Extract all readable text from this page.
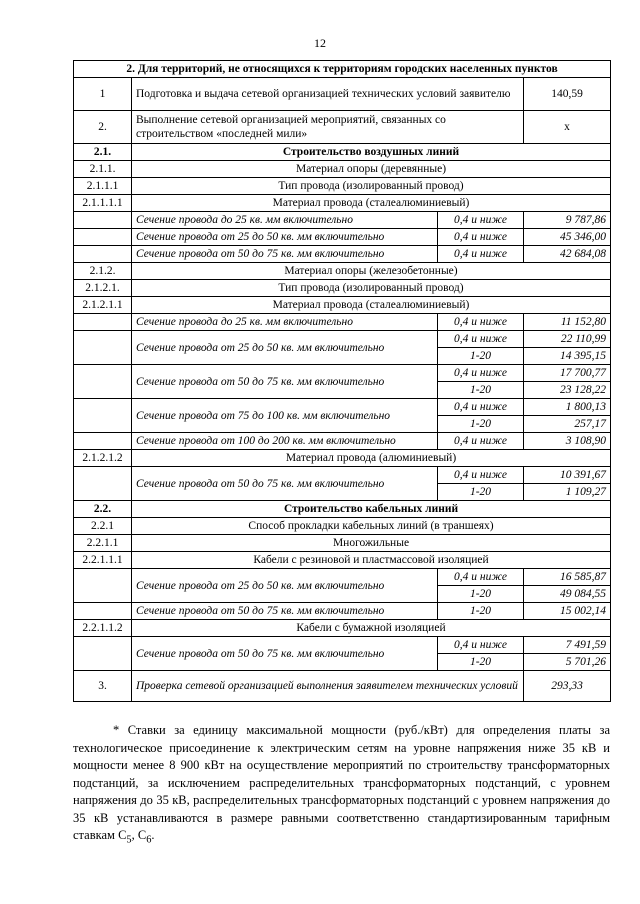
12
2. Для территорий, не относящихся к территориям городских населенных пунктов			
1	Подготовка и выдача сетевой организацией технических условий заявителю		140,59
2.	Выполнение сетевой организацией мероприятий, связанных со строительством «последней мили»		х
2.1.	Строительство воздушных линий		
2.1.1.	Материал опоры (деревянные)		
2.1.1.1	Тип провода (изолированный провод)		
2.1.1.1.1	Материал провода (сталеалюминиевый)		
	Сечение провода до 25 кв. мм включительно	0,4 и ниже	9 787,86
	Сечение провода от 25 до 50 кв. мм включительно	0,4 и ниже	45 346,00
	Сечение провода от 50 до 75 кв. мм включительно	0,4 и ниже	42 684,08
2.1.2.	Материал опоры (железобетонные)		
2.1.2.1.	Тип провода (изолированный провод)		
2.1.2.1.1	Материал провода (сталеалюминиевый)		
	Сечение провода до 25 кв. мм включительно	0,4 и ниже	11 152,80
	Сечение провода от 25 до 50 кв. мм включительно	0,4 и ниже	22 110,99
		1-20	14 395,15
	Сечение провода от 50 до 75 кв. мм включительно	0,4 и ниже	17 700,77
		1-20	23 128,22
	Сечение провода от 75 до 100 кв. мм включительно	0,4 и ниже	1 800,13
		1-20	257,17
	Сечение провода от 100 до 200 кв. мм включительно	0,4 и ниже	3 108,90
2.1.2.1.2	Материал провода (алюминиевый)		
	Сечение провода от 50 до 75 кв. мм включительно	0,4 и ниже	10 391,67
		1-20	1 109,27
2.2.	Строительство кабельных линий		
2.2.1	Способ прокладки кабельных линий (в траншеях)		
2.2.1.1	Многожильные		
2.2.1.1.1	Кабели с резиновой и пластмассовой изоляцией		
	Сечение провода от 25 до 50 кв. мм включительно	0,4 и ниже	16 585,87
		1-20	49 084,55
	Сечение провода от 50 до 75 кв. мм включительно	1-20	15 002,14
2.2.1.1.2	Кабели с бумажной изоляцией		
	Сечение провода от 50 до 75 кв. мм включительно	0,4 и ниже	7 491,59
		1-20	5 701,26
3.	Проверка сетевой организацией выполнения заявителем технических условий		293,33

* Ставки за единицу максимальной мощности (руб./кВт) для определения платы за технологическое присоединение к электрическим сетям на уровне напряжения ниже 35 кВ и мощности менее 8 900 кВт на осуществление мероприятий по строительству трансформаторных подстанций, за исключением распределительных трансформаторных подстанций, с уровнем напряжения до 35 кВ, распределительных трансформаторных подстанций с уровнем напряжения до 35 кВ устанавливаются в размере равными соответственно стандартизированным тарифным ставкам $С_5$, $С_6$.
